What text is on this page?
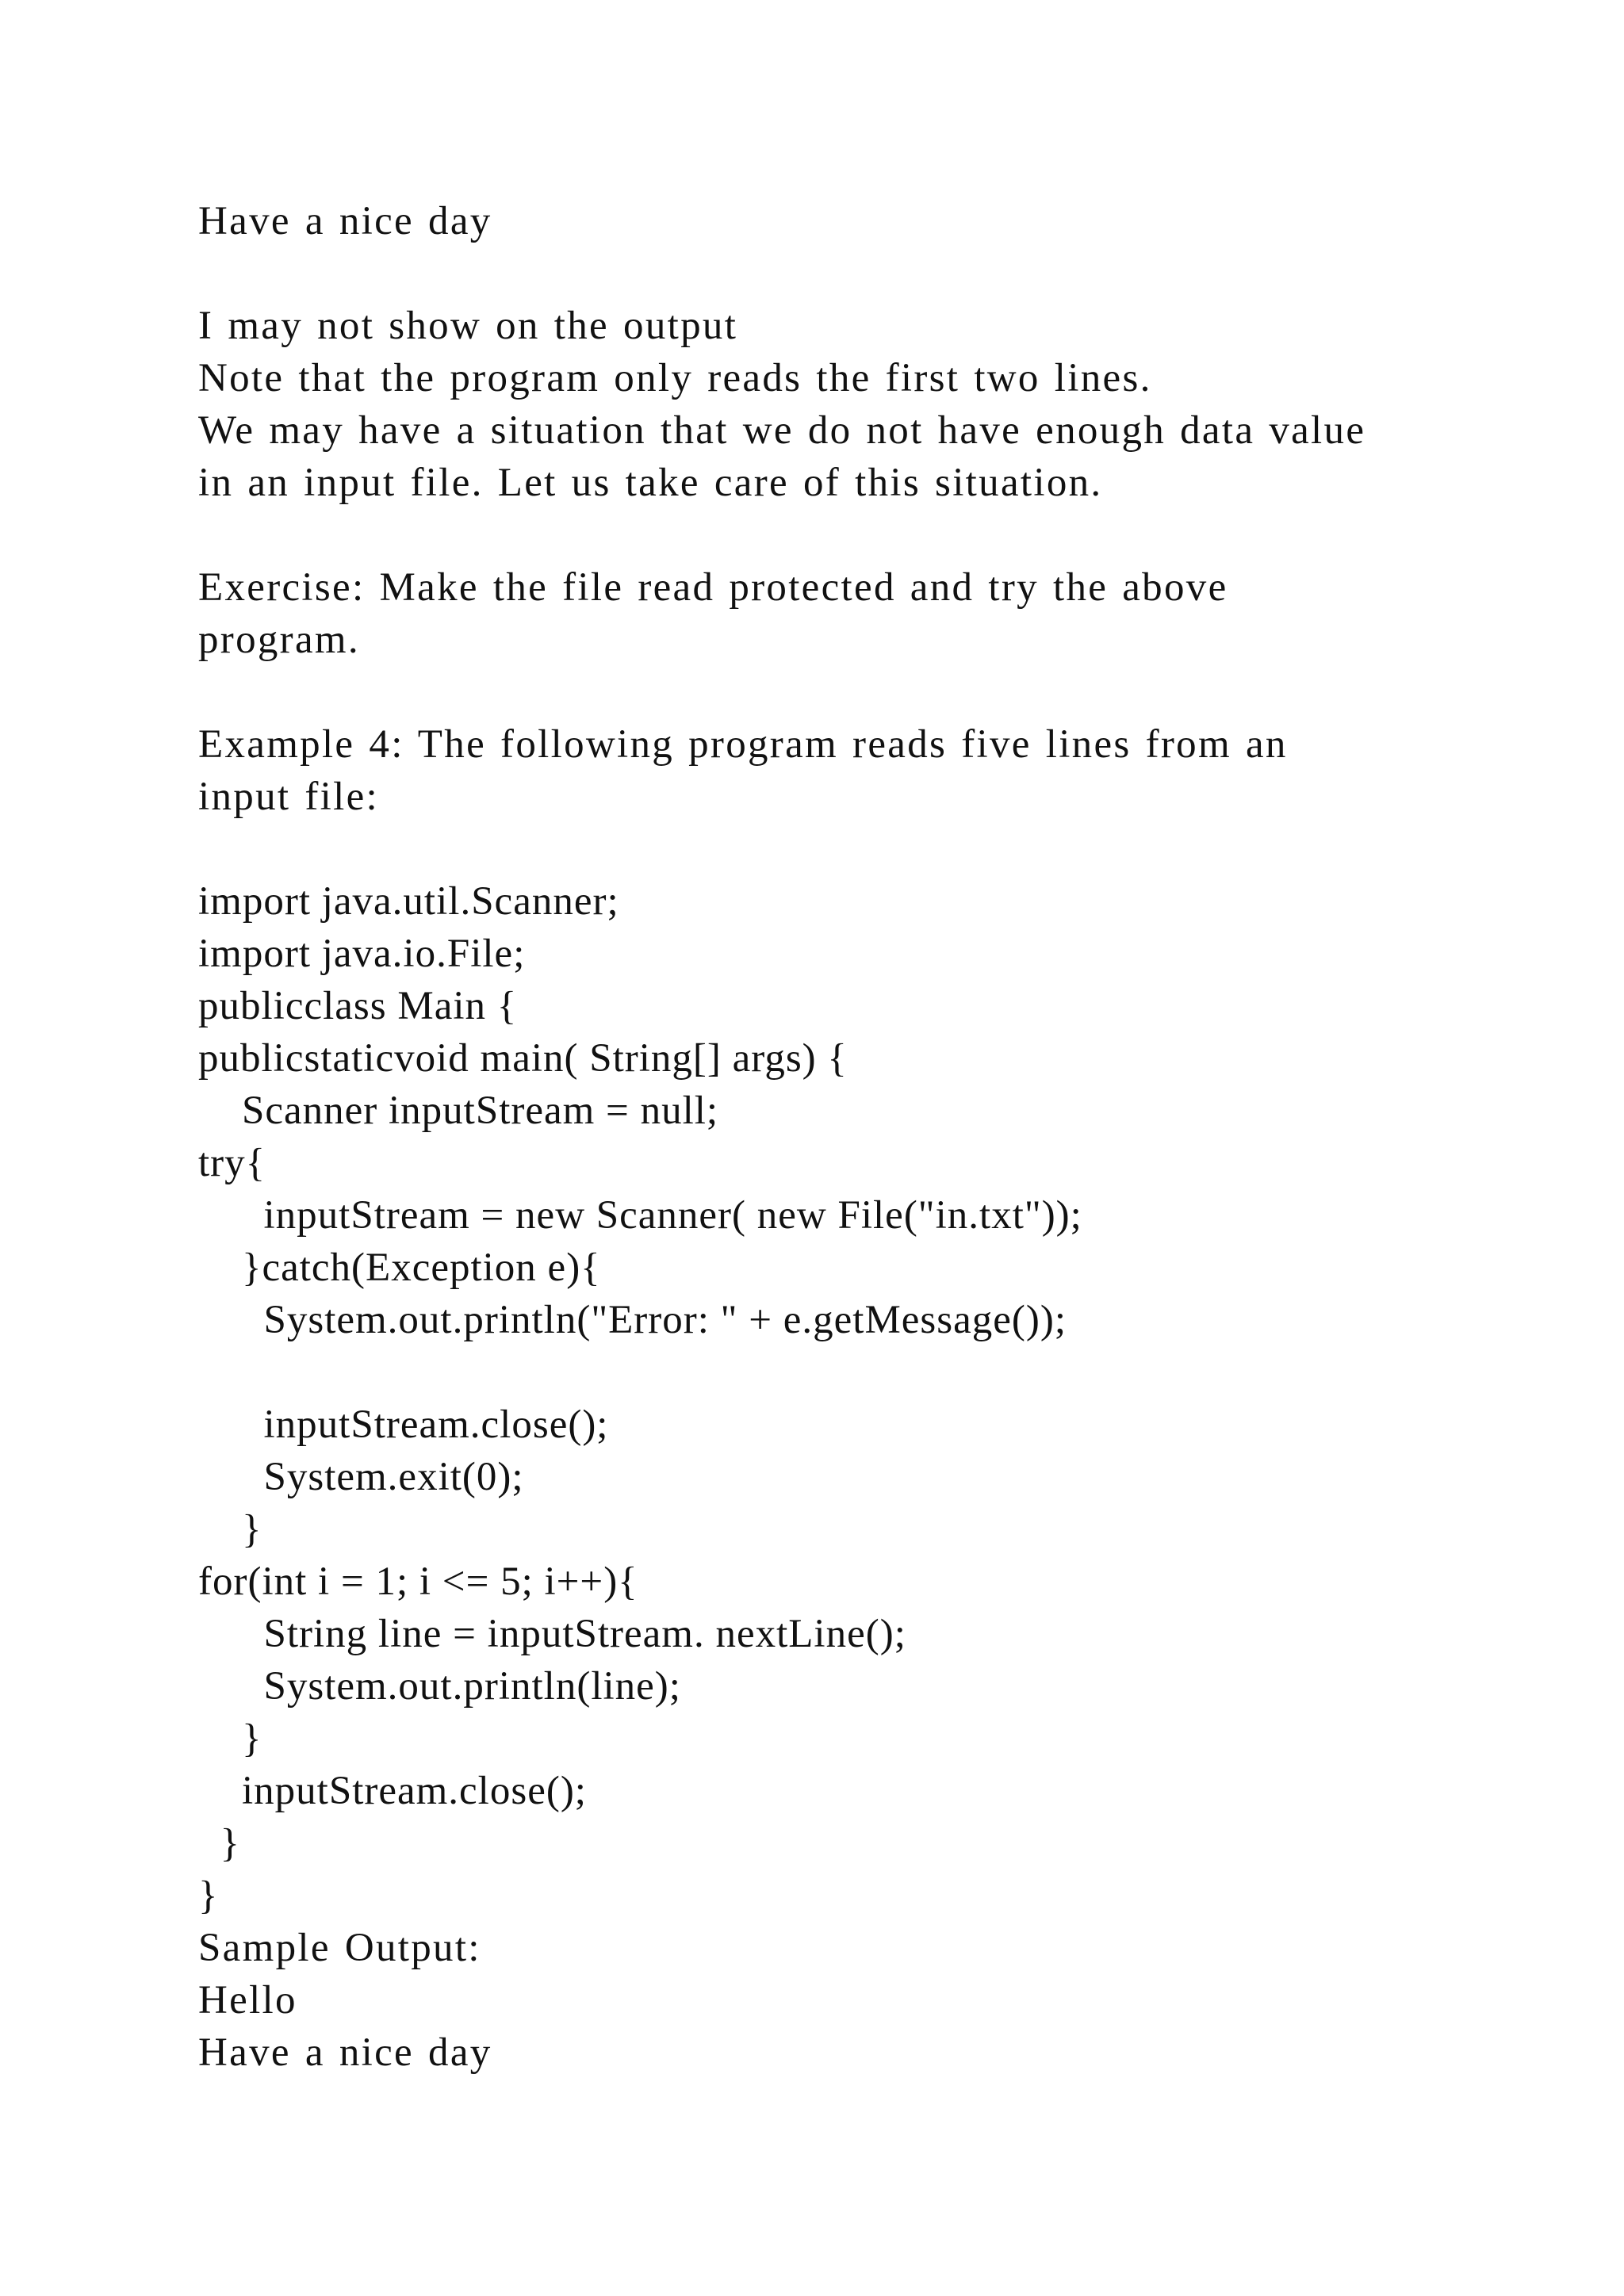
Have a nice day
I may not show on the output
Note that the program only reads the first two lines.
We may have a situation that we do not have enough data value
in an input file. Let us take care of this situation.
Exercise: Make the file read protected and try the above
program.
Example 4: The following program reads five lines from an
input file:
import java.util.Scanner;
import java.io.File;
publicclass Main {
publicstaticvoid main( String[] args) {
Scanner inputStream = null;
try{
inputStream = new Scanner( new File("in.txt"));
}catch(Exception e){
System.out.println("Error: " + e.getMessage());
inputStream.close();
System.exit(0);
}
for(int i = 1; i <= 5; i++){
String line = inputStream. nextLine();
System.out.println(line);
}
inputStream.close();
}
}
Sample Output:
Hello
Have a nice day
